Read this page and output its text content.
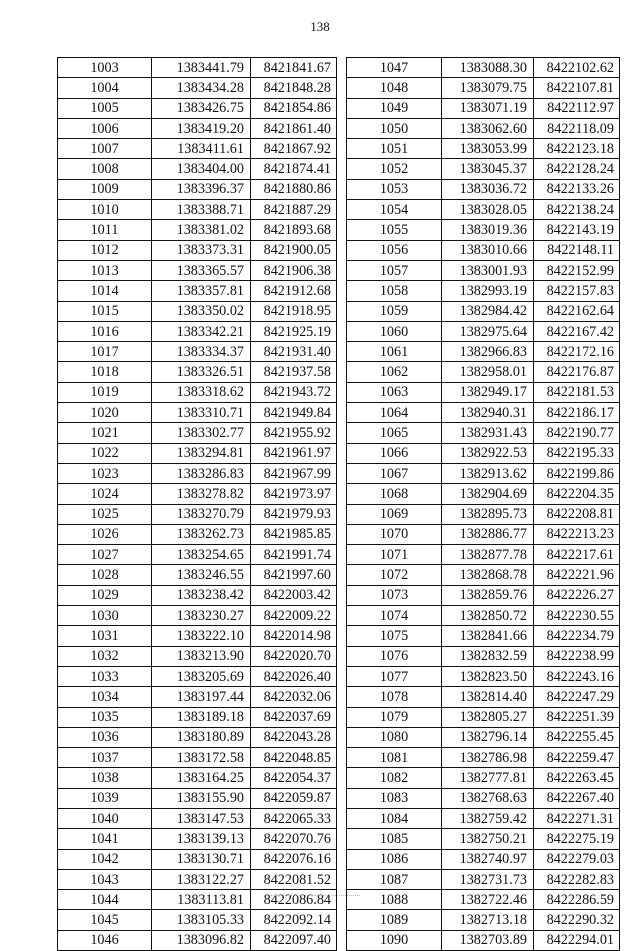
138
1003	1383441.79	8421841.67
1004	1383434.28	8421848.28
1005	1383426.75	8421854.86
1006	1383419.20	8421861.40
1007	1383411.61	8421867.92
1008	1383404.00	8421874.41
1009	1383396.37	8421880.86
1010	1383388.71	8421887.29
1011	1383381.02	8421893.68
1012	1383373.31	8421900.05
1013	1383365.57	8421906.38
1014	1383357.81	8421912.68
1015	1383350.02	8421918.95
1016	1383342.21	8421925.19
1017	1383334.37	8421931.40
1018	1383326.51	8421937.58
1019	1383318.62	8421943.72
1020	1383310.71	8421949.84
1021	1383302.77	8421955.92
1022	1383294.81	8421961.97
1023	1383286.83	8421967.99
1024	1383278.82	8421973.97
1025	1383270.79	8421979.93
1026	1383262.73	8421985.85
1027	1383254.65	8421991.74
1028	1383246.55	8421997.60
1029	1383238.42	8422003.42
1030	1383230.27	8422009.22
1031	1383222.10	8422014.98
1032	1383213.90	8422020.70
1033	1383205.69	8422026.40
1034	1383197.44	8422032.06
1035	1383189.18	8422037.69
1036	1383180.89	8422043.28
1037	1383172.58	8422048.85
1038	1383164.25	8422054.37
1039	1383155.90	8422059.87
1040	1383147.53	8422065.33
1041	1383139.13	8422070.76
1042	1383130.71	8422076.16
1043	1383122.27	8422081.52
1044	1383113.81	8422086.84
1045	1383105.33	8422092.14
1046	1383096.82	8422097.40
1047	1383088.30	8422102.62
1048	1383079.75	8422107.81
1049	1383071.19	8422112.97
1050	1383062.60	8422118.09
1051	1383053.99	8422123.18
1052	1383045.37	8422128.24
1053	1383036.72	8422133.26
1054	1383028.05	8422138.24
1055	1383019.36	8422143.19
1056	1383010.66	8422148.11
1057	1383001.93	8422152.99
1058	1382993.19	8422157.83
1059	1382984.42	8422162.64
1060	1382975.64	8422167.42
1061	1382966.83	8422172.16
1062	1382958.01	8422176.87
1063	1382949.17	8422181.53
1064	1382940.31	8422186.17
1065	1382931.43	8422190.77
1066	1382922.53	8422195.33
1067	1382913.62	8422199.86
1068	1382904.69	8422204.35
1069	1382895.73	8422208.81
1070	1382886.77	8422213.23
1071	1382877.78	8422217.61
1072	1382868.78	8422221.96
1073	1382859.76	8422226.27
1074	1382850.72	8422230.55
1075	1382841.66	8422234.79
1076	1382832.59	8422238.99
1077	1382823.50	8422243.16
1078	1382814.40	8422247.29
1079	1382805.27	8422251.39
1080	1382796.14	8422255.45
1081	1382786.98	8422259.47
1082	1382777.81	8422263.45
1083	1382768.63	8422267.40
1084	1382759.42	8422271.31
1085	1382750.21	8422275.19
1086	1382740.97	8422279.03
1087	1382731.73	8422282.83
1088	1382722.46	8422286.59
1089	1382713.18	8422290.32
1090	1382703.89	8422294.01
